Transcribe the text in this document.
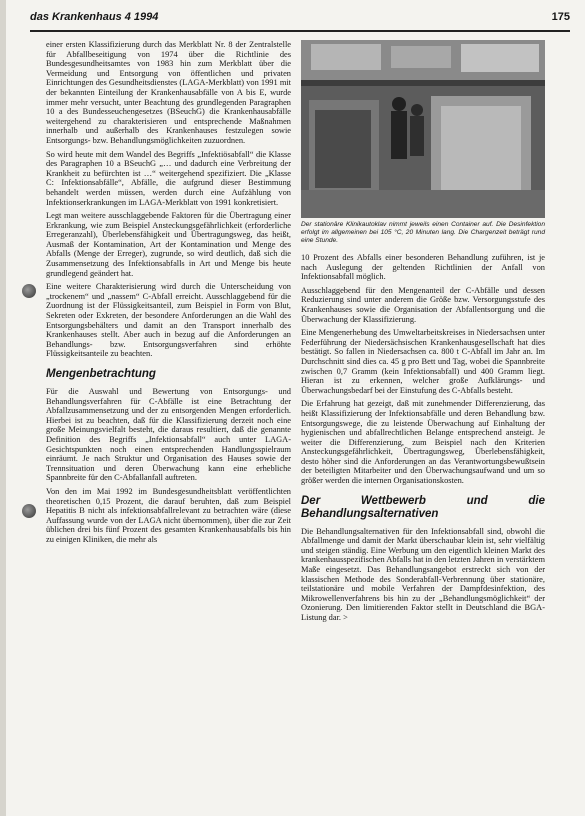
das Krankenhaus 4 1994	175

einer ersten Klassifizierung durch das Merkblatt Nr. 8 der Zentralstelle für Abfallbeseitigung von 1974 über die Richtlinie des Bundesgesundheitsamtes von 1983 hin zum Merkblatt über die Vermeidung und Entsorgung von öffentlichen und privaten Einrichtungen des Gesundheitsdienstes (LAGA-Merkblatt) von 1991 mit der bekannten Einteilung der Krankenhausabfälle von A bis E, wurde immer mehr versucht, unter Beachtung des grundlegenden Paragraphen 10 a des Bundesseuchengesetzes (BSeuchG) die Krankenhausabfälle weitergehend zu charakterisieren und entsprechende Maßnahmen innerhalb und außerhalb des Krankenhauses festzulegen sowie Entsorgungs- bzw. Behandlungsmöglichkeiten zuzuordnen.

So wird heute mit dem Wandel des Begriffs „Infektiösabfall“ die Klasse des Paragraphen 10 a BSeuchG „… und dadurch eine Verbreitung der Krankheit zu befürchten ist …“ weitergehend spezifiziert. Die „Klasse C: Infektionsabfälle“, Abfälle, die aufgrund dieser Bestimmung behandelt werden müssen, werden durch eine Aufzählung von Infektionserkrankungen im LAGA-Merkblatt von 1991 konkretisiert.

Legt man weitere ausschlaggebende Faktoren für die Übertragung einer Erkrankung, wie zum Beispiel Ansteckungsgefährlichkeit (erforderliche Erregeranzahl), Überlebensfähigkeit und Übertragungsweg, das heißt, Ausmaß der Kontamination, Art der Kontamination und Menge des Abfalls (Menge der Erreger), zugrunde, so wird deutlich, daß sich die Zusammensetzung des Infektionsabfalls in Art und Menge bis heute grundlegend geändert hat.

Eine weitere Charakterisierung wird durch die Unterscheidung von „trockenem“ und „nassem“ C-Abfall erreicht. Ausschlaggebend für die Zuordnung ist der Flüssigkeitsanteil, zum Beispiel in Form von Blut, Sekreten oder Exkreten, der besondere Anforderungen an die Wahl des Entsorgungsbehälters und damit an den Transport innerhalb des Krankenhauses stellt. Aber auch in bezug auf die Anforderungen an Behandlungs- bzw. Entsorgungsverfahren sind erhöhte Flüssigkeitsanteile zu beachten.

Mengenbetrachtung

Für die Auswahl und Bewertung von Entsorgungs- und Behandlungsverfahren für C-Abfälle ist eine Betrachtung der Abfallzusammensetzung und der zu entsorgenden Mengen erforderlich. Hierbei ist zu beachten, daß für die Klassifizierung derzeit noch eine große Meinungsvielfalt besteht, die daraus resultiert, daß die genannte Definition des Begriffs „Infektionsabfall“ auch unter LAGA-Gesichtspunkten noch einen entsprechenden Handlungsspielraum einräumt. Je nach Struktur und Organisation des Hauses sowie der Trennsituation und deren Überwachung kann eine erhebliche Spannbreite für den C-Abfallanfall auftreten.

Von den im Mai 1992 im Bundesgesundheitsblatt veröffentlichten theoretischen 0,15 Prozent, die darauf beruhten, daß zum Beispiel Hepatitis B nicht als infektionsabfallrelevant zu betrachten wäre (diese Auffassung wurde von der LAGA nicht übernommen), über die zur Zeit üblichen drei bis fünf Prozent des gesamten Krankenhausabfalls bis hin zu einigen Kliniken, die mehr als

Der stationäre Klinikautoklav nimmt jeweils einen Container auf. Die Desinfektion erfolgt im allgemeinen bei 105 °C, 20 Minuten lang. Die Chargenzeit beträgt rund eine Stunde.

10 Prozent des Abfalls einer besonderen Behandlung zuführen, ist je nach Auslegung der geltenden Richtlinien der Anfall von Infektionsabfall möglich.

Ausschlaggebend für den Mengenanteil der C-Abfälle und dessen Reduzierung sind unter anderem die Größe bzw. Versorgungsstufe des Krankenhauses sowie die Organisation der Abfallentsorgung und die Überwachung der Klassifizierung.

Eine Mengenerhebung des Umweltarbeitskreises in Niedersachsen unter Federführung der Niedersächsischen Krankenhausgesellschaft hat dies bestätigt. So fallen in Niedersachsen ca. 800 t C-Abfall im Jahr an. Im Durchschnitt sind dies ca. 45 g pro Bett und Tag, wobei die Spannbreite zwischen 0,7 Gramm (kein Infektionsabfall) und 400 Gramm liegt. Hieran ist zu erkennen, welcher große Aufklärungs- und Überwachungsbedarf bei der Einstufung des C-Abfalls besteht.

Die Erfahrung hat gezeigt, daß mit zunehmender Differenzierung, das heißt Klassifizierung der Infektionsabfälle und deren Behandlung bzw. Entsorgungswege, die zu leistende Überwachung auf Einhaltung der hygienischen und abfallrechtlichen Belange entsprechend ansteigt. Je weiter die Differenzierung, zum Beispiel nach den Kriterien Ansteckungsgefährlichkeit, Übertragungsweg, Überlebensfähigkeit, desto höher sind die Anforderungen an das Verantwortungsbewußtsein der beteiligten Mitarbeiter und den Überwachungsaufwand und um so größer werden die internen Organisationskosten.

Der Wettbewerb und die Behandlungsalternativen

Die Behandlungsalternativen für den Infektionsabfall sind, obwohl die Abfallmenge und damit der Markt überschaubar klein ist, sehr vielfältig und steigen ständig. Eine Werbung um den eigentlich kleinen Markt des krankenhausspezifischen Abfalls hat in den letzten Jahren in verstärktem Maße eingesetzt. Das Behandlungsangebot erstreckt sich von der klassischen Methode des Sonderabfall-Verbrennung über stationäre, teilstationäre und mobile Verfahren der Dampfdesinfektion, des Mikrowellenverfahrens bis hin zu der „Behandlungsmöglichkeit“ der Ozonierung. Den limitierenden Faktor stellt in Deutschland die BGA-Listung dar. >
